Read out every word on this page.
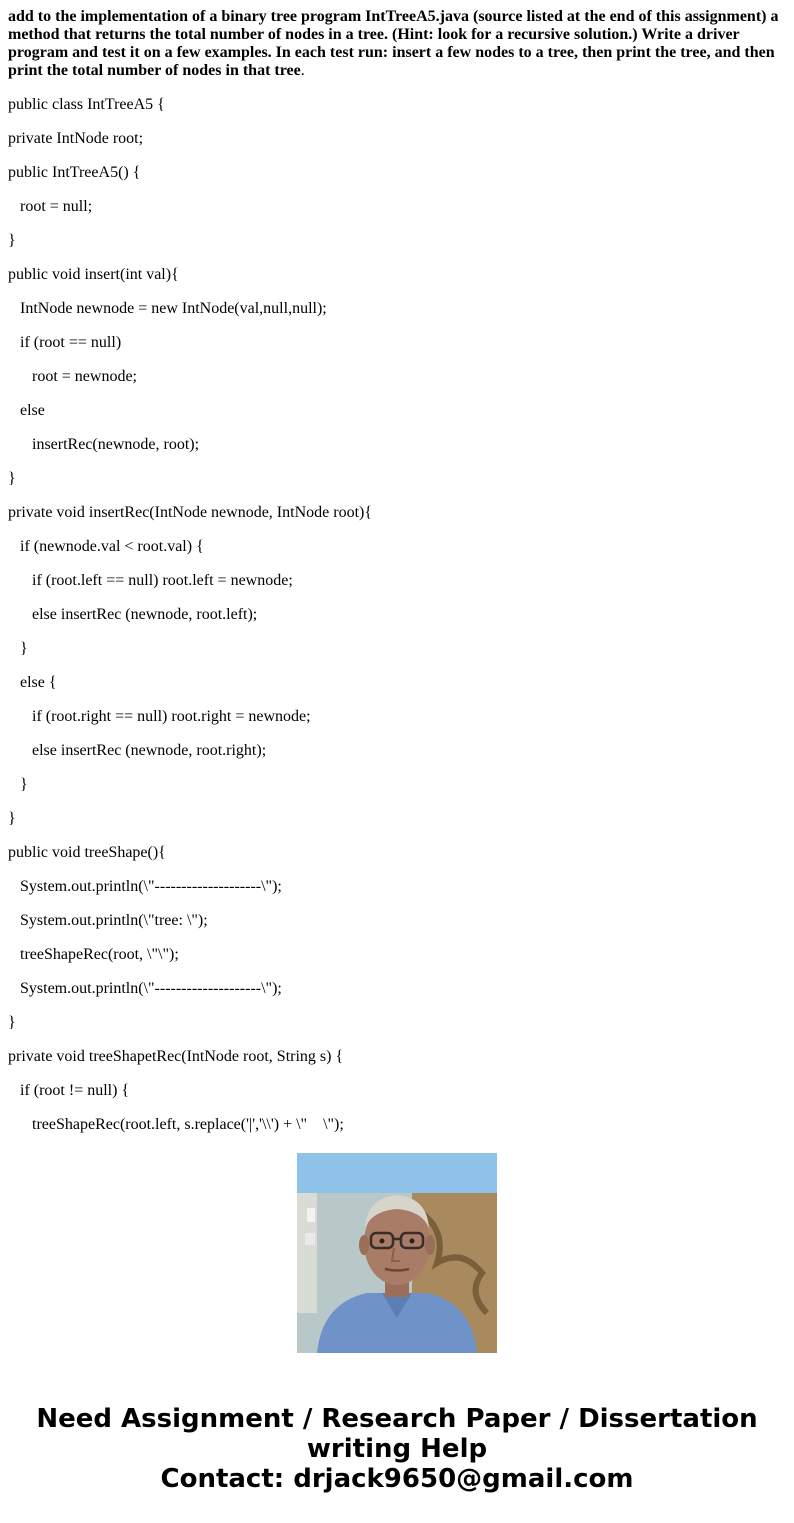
add to the implementation of a binary tree program IntTreeA5.java (source listed at the end of this assignment) a method that returns the total number of nodes in a tree. (Hint: look for a recursive solution.) Write a driver program and test it on a few examples. In each test run: insert a few nodes to a tree, then print the tree, and then print the total number of nodes in that tree.

public class IntTreeA5 {

private IntNode root;

public IntTreeA5() {

root = null;

}

public void insert(int val){

IntNode newnode = new IntNode(val,null,null);

if (root == null)

root = newnode;

else

insertRec(newnode, root);

}

private void insertRec(IntNode newnode, IntNode root){

if (newnode.val < root.val) {

if (root.left == null) root.left = newnode;

else insertRec (newnode, root.left);

}

else {

if (root.right == null) root.right = newnode;

else insertRec (newnode, root.right);

}

}

public void treeShape(){

System.out.println(\"--------------------\");

System.out.println(\"tree: \");

treeShapeRec(root, \"\");

System.out.println(\"--------------------\");

}

private void treeShapetRec(IntNode root, String s) {

if (root != null) {

treeShapeRec(root.left, s.replace('|','\\') + \"    \");

Need Assignment / Research Paper / Dissertation
writing Help
Contact: drjack9650@gmail.com
